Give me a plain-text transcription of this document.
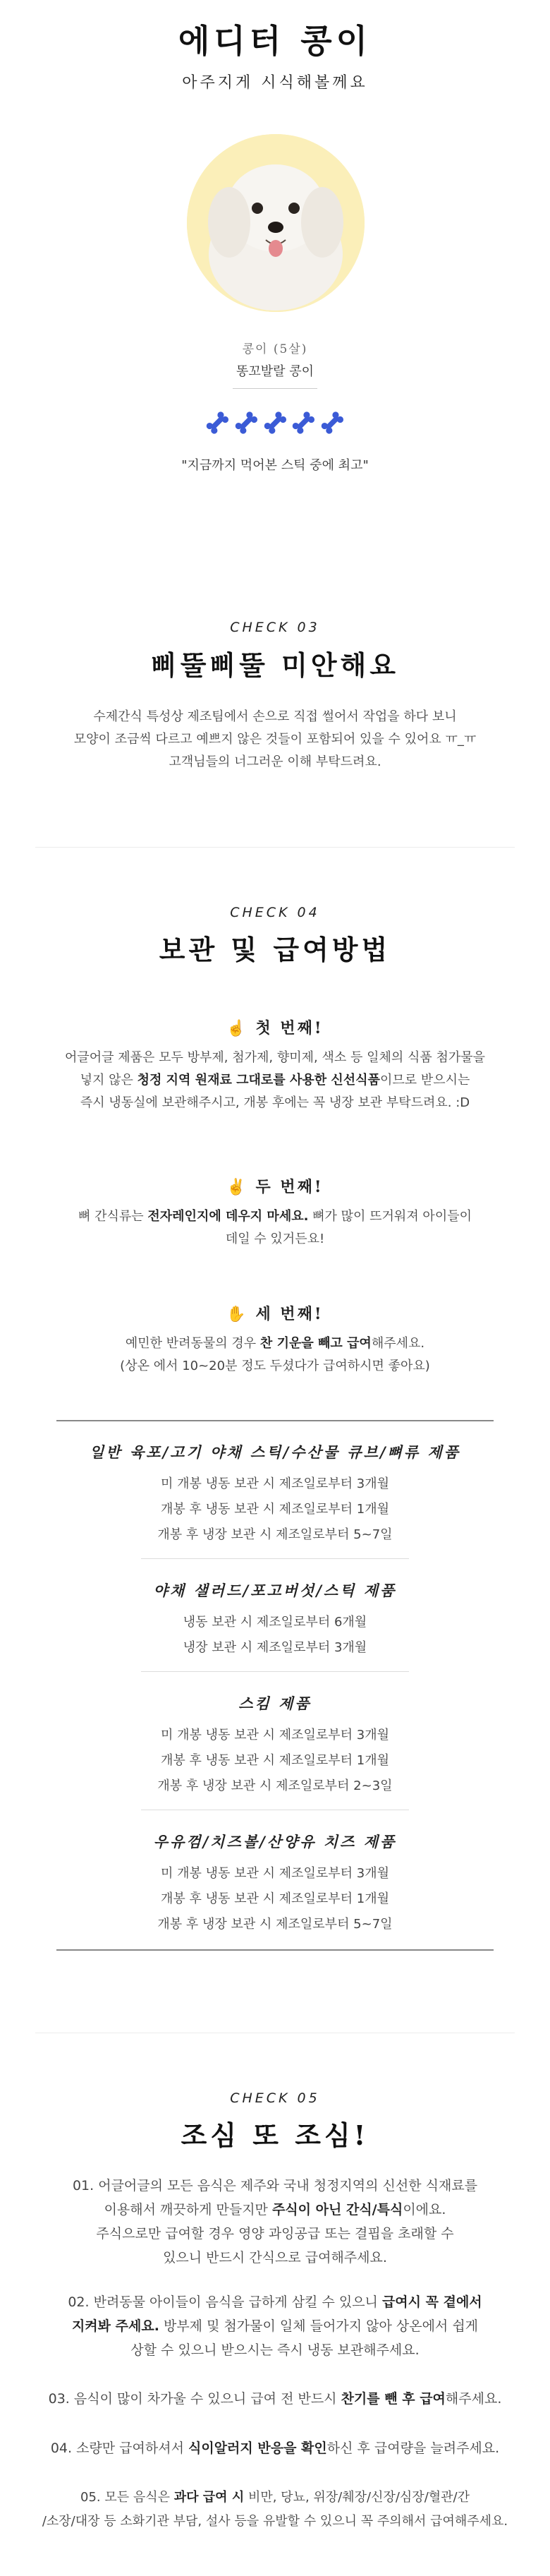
에디터 콩이
아주지게 시식해볼께요
콩이 (5살)
똥꼬발랄 콩이
"지금까지 먹어본 스틱 중에 최고"
CHECK 03
삐뚤삐뚤 미안해요
수제간식 특성상 제조팀에서 손으로 직접 썰어서 작업을 하다 보니
모양이 조금씩 다르고 예쁘지 않은 것들이 포함되어 있을 수 있어요 ㅠ_ㅠ
고객님들의 너그러운 이해 부탁드려요.
CHECK 04
보관 및 급여방법
☝ 첫 번째!
어글어글 제품은 모두 방부제, 첨가제, 향미제, 색소 등 일체의 식품 첨가물을
넣지 않은 청정 지역 원재료 그대로를 사용한 신선식품이므로 받으시는
즉시 냉동실에 보관해주시고, 개봉 후에는 꼭 냉장 보관 부탁드려요. :D
✌ 두 번째!
뼈 간식류는 전자레인지에 데우지 마세요. 뼈가 많이 뜨거워져 아이들이
데일 수 있거든요!
✋ 세 번째!
예민한 반려동물의 경우 찬 기운을 빼고 급여해주세요.
(상온 에서 10~20분 정도 두셨다가 급여하시면 좋아요)
일반 육포/고기 야채 스틱/수산물 큐브/뼈류 제품
미 개봉 냉동 보관 시 제조일로부터 3개월
개봉 후 냉동 보관 시 제조일로부터 1개월
개봉 후 냉장 보관 시 제조일로부터 5~7일
야채 샐러드/포고버섯/스틱 제품
냉동 보관 시 제조일로부터 6개월
냉장 보관 시 제조일로부터 3개월
스킴 제품
미 개봉 냉동 보관 시 제조일로부터 3개월
개봉 후 냉동 보관 시 제조일로부터 1개월
개봉 후 냉장 보관 시 제조일로부터 2~3일
우유껌/치즈볼/산양유 치즈 제품
미 개봉 냉동 보관 시 제조일로부터 3개월
개봉 후 냉동 보관 시 제조일로부터 1개월
개봉 후 냉장 보관 시 제조일로부터 5~7일
CHECK 05
조심 또 조심!
01. 어글어글의 모든 음식은 제주와 국내 청정지역의 신선한 식재료를
이용해서 깨끗하게 만들지만 주식이 아닌 간식/특식이에요.
주식으로만 급여할 경우 영양 과잉공급 또는 결핍을 초래할 수
있으니 반드시 간식으로 급여해주세요.
02. 반려동물 아이들이 음식을 급하게 삼킬 수 있으니 급여시 꼭 곁에서
지켜봐 주세요. 방부제 및 첨가물이 일체 들어가지 않아 상온에서 쉽게
상할 수 있으니 받으시는 즉시 냉동 보관해주세요.
03. 음식이 많이 차가울 수 있으니 급여 전 반드시 찬기를 뺀 후 급여해주세요.
04. 소량만 급여하셔서 식이알러지 반응을 확인하신 후 급여량을 늘려주세요.
05. 모든 음식은 과다 급여 시 비만, 당뇨, 위장/췌장/신장/심장/혈관/간
/소장/대장 등 소화기관 부담, 설사 등을 유발할 수 있으니 꼭 주의해서 급여해주세요.
